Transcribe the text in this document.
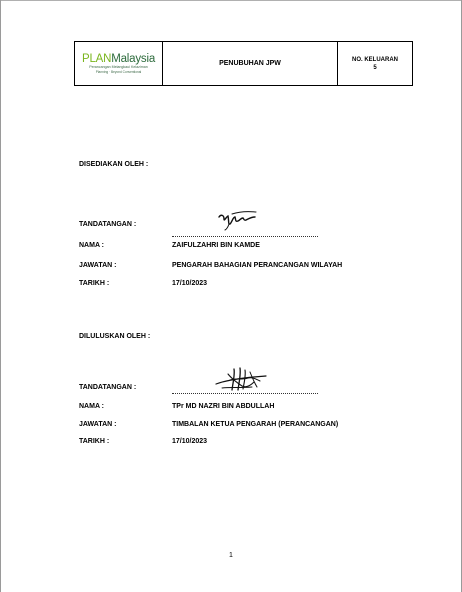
PLANMalaysia
Perancangan Melangkaui Kelaziman
Planning · Beyond Conventional
PENUBUHAN JPW
NO. KELUARAN
5
DISEDIAKAN OLEH :
TANDATANGAN :
NAMA :	ZAIFULZAHRI BIN KAMDE
JAWATAN :	PENGARAH BAHAGIAN PERANCANGAN WILAYAH
TARIKH :	17/10/2023
DILULUSKAN OLEH :
TANDATANGAN :
NAMA :	TPr MD NAZRI BIN ABDULLAH
JAWATAN :	TIMBALAN KETUA PENGARAH (PERANCANGAN)
TARIKH :	17/10/2023
1
